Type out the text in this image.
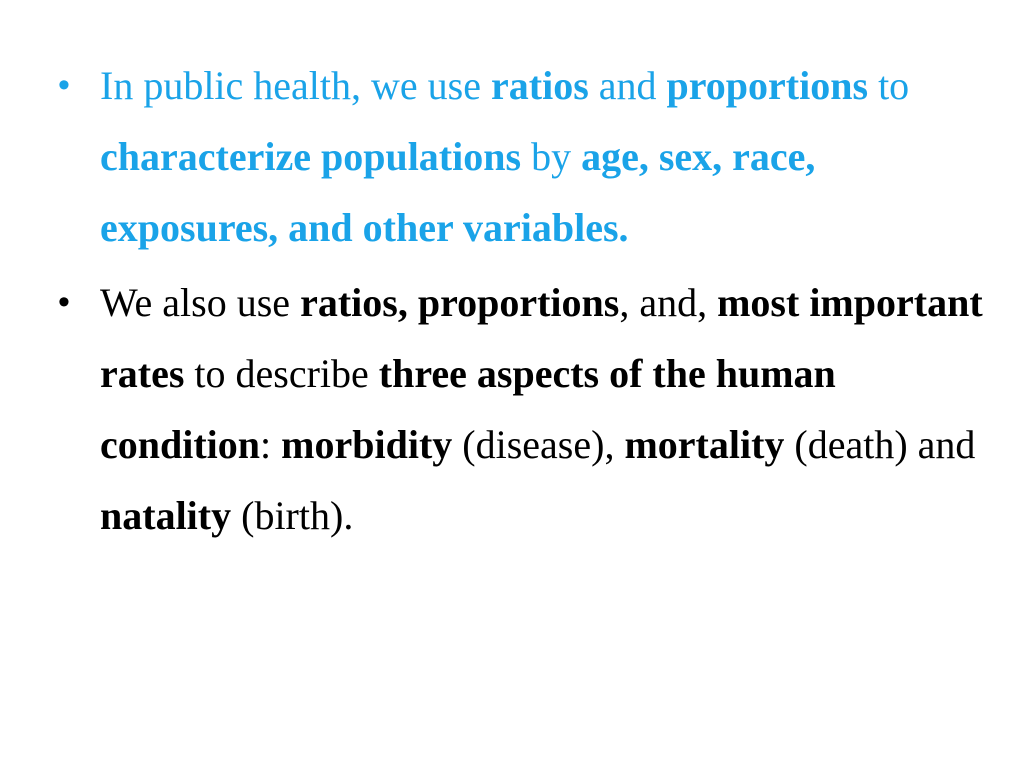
• In public health, we use ratios and proportions to characterize populations by age, sex, race, exposures, and other variables.
• We also use ratios, proportions, and, most important rates to describe three aspects of the human condition: morbidity (disease), mortality (death) and natality (birth).
